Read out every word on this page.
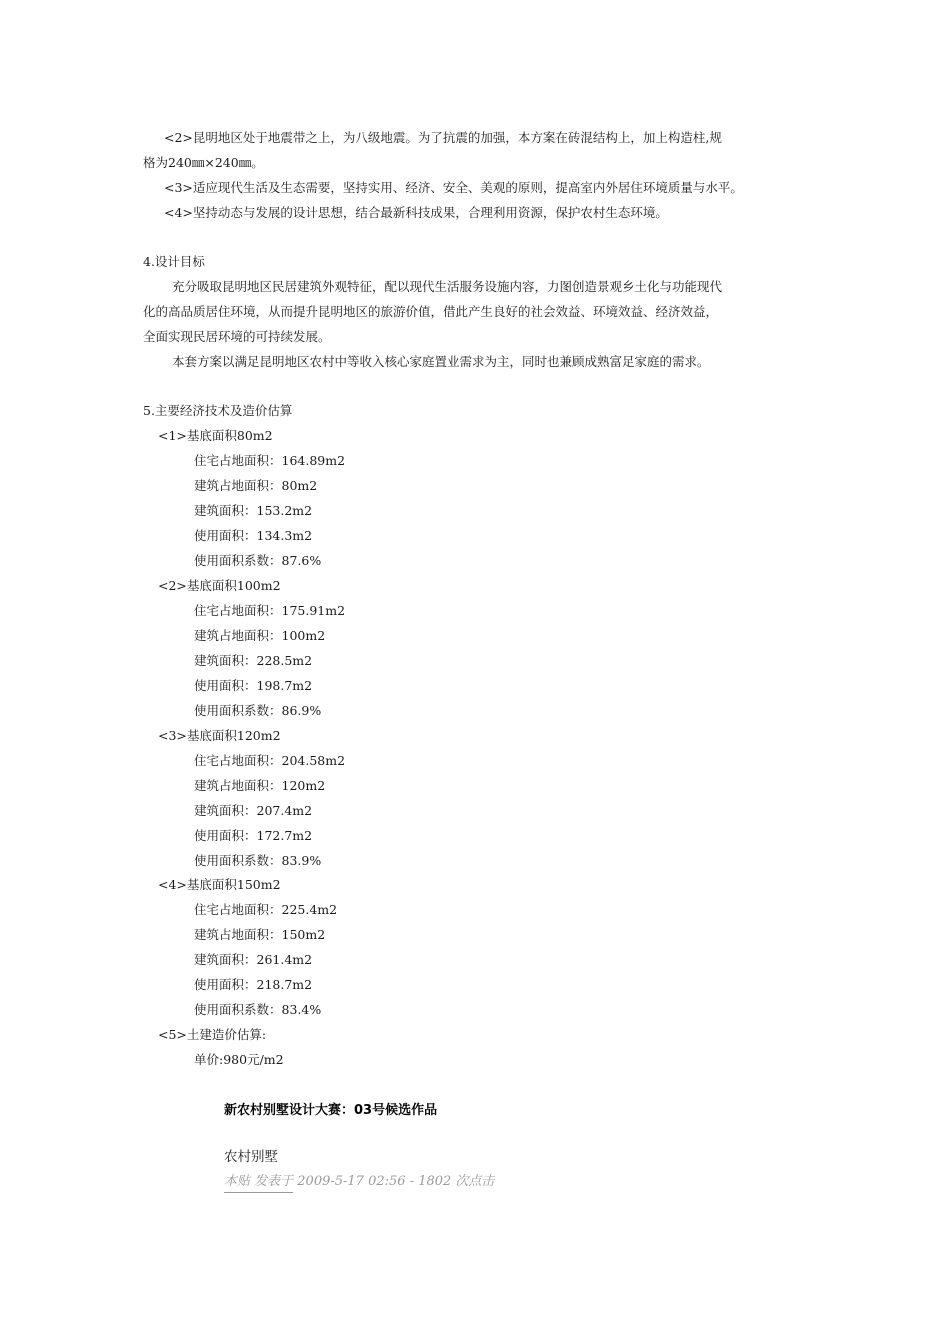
<2>昆明地区处于地震带之上，为八级地震。为了抗震的加强，本方案在砖混结构上，加上构造柱,规
格为240㎜×240㎜。
<3>适应现代生活及生态需要，坚持实用、经济、安全、美观的原则，提高室内外居住环境质量与水平。
<4>坚持动态与发展的设计思想，结合最新科技成果，合理利用资源，保护农村生态环境。
4.设计目标
充分吸取昆明地区民居建筑外观特征，配以现代生活服务设施内容，力图创造景观乡土化与功能现代
化的高品质居住环境，从而提升昆明地区的旅游价值，借此产生良好的社会效益、环境效益、经济效益，
全面实现民居环境的可持续发展。
本套方案以满足昆明地区农村中等收入核心家庭置业需求为主，同时也兼顾成熟富足家庭的需求。
5.主要经济技术及造价估算
<1>基底面积80m2
住宅占地面积：164.89m2
建筑占地面积：80m2
建筑面积：153.2m2
使用面积：134.3m2
使用面积系数：87.6%
<2>基底面积100m2
住宅占地面积：175.91m2
建筑占地面积：100m2
建筑面积：228.5m2
使用面积：198.7m2
使用面积系数：86.9%
<3>基底面积120m2
住宅占地面积：204.58m2
建筑占地面积：120m2
建筑面积：207.4m2
使用面积：172.7m2
使用面积系数：83.9%
<4>基底面积150m2
住宅占地面积：225.4m2
建筑占地面积：150m2
建筑面积：261.4m2
使用面积：218.7m2
使用面积系数：83.4%
<5>土建造价估算:
单价:980元/m2
新农村别墅设计大赛：03号候选作品
农村别墅
本贴 发表于 2009-5-17 02:56 - 1802 次点击
